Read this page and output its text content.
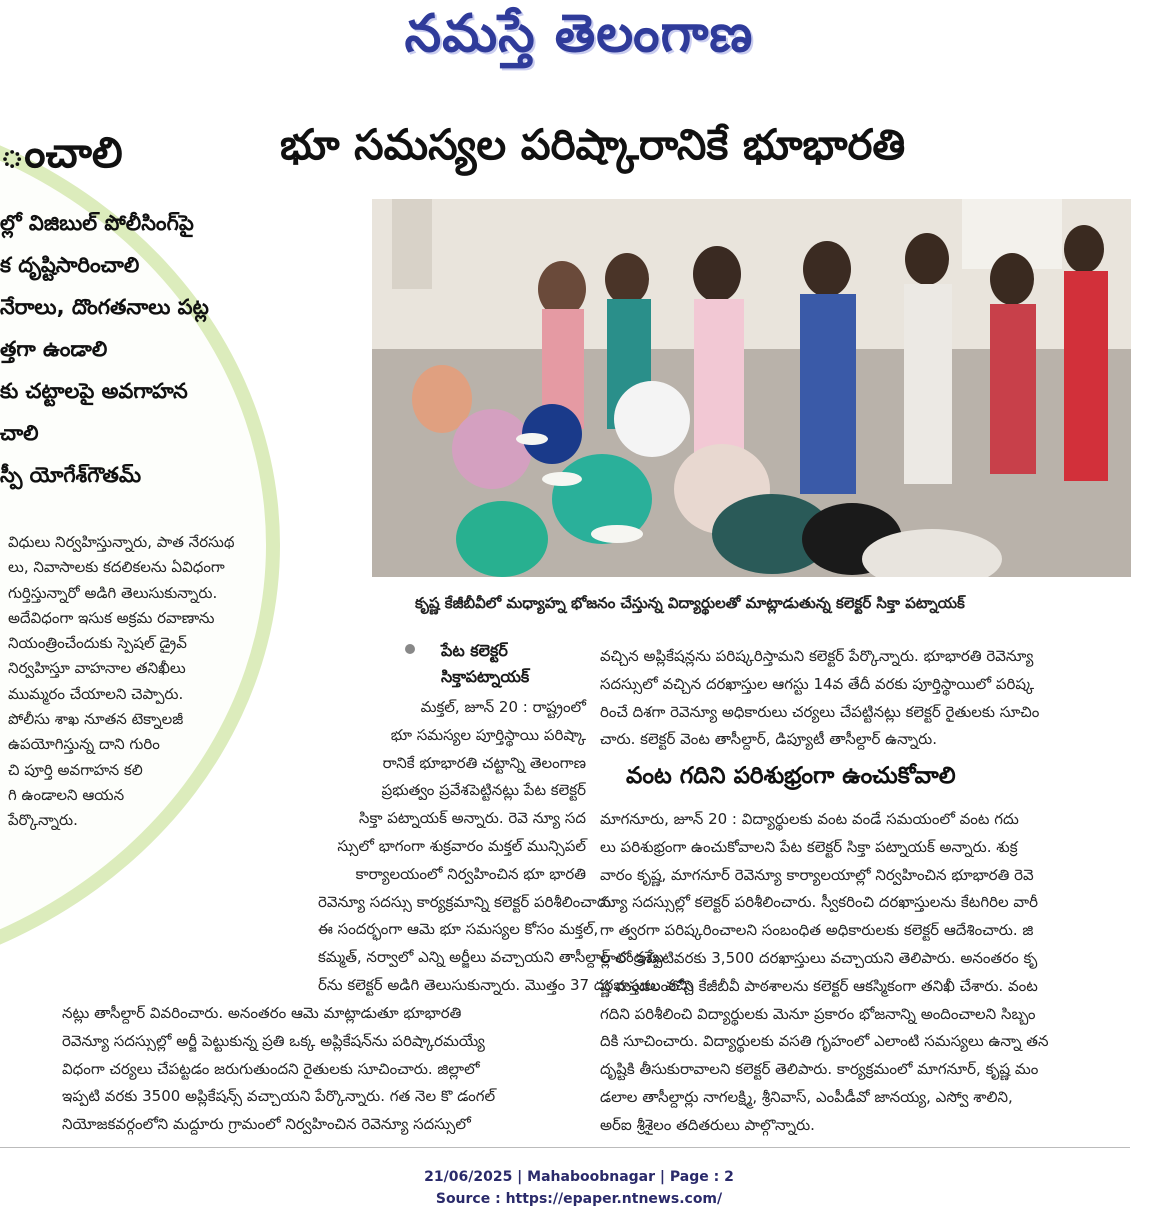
నమస్తే తెలంగాణ
ంచాలి
ల్లో విజిబుల్ పోలీసింగ్‌పై
క దృష్టిసారించాలి
నేరాలు, దొంగతనాలు పట్ల
త్తగా ఉండాలి
కు చట్టాలపై అవగాహన
చాలి
స్పీ యోగేశ్‌గౌతమ్
విధులు నిర్వహిస్తున్నారు, పాత నేరసుథ
లు, నివాసాలకు కదలికలను ఏవిధంగా
గుర్తిస్తున్నారో అడిగి తెలుసుకున్నారు.
అదేవిధంగా ఇసుక అక్రమ రవాణాను
నియంత్రించేందుకు స్పెషల్ డ్రైవ్
నిర్వహిస్తూ వాహనాల తనిఖీలు
ముమ్మరం చేయాలని చెప్పారు.
పోలీసు శాఖ నూతన టెక్నాలజీ
ఉపయోగిస్తున్న దాని గురిం
చి పూర్తి అవగాహన కలి
గి ఉండాలని ఆయన
పేర్కొన్నారు.
భూ సమస్యల పరిష్కారానికే భూభారతి
కృష్ణ కేజీబీవీలో మధ్యాహ్న భోజనం చేస్తున్న విద్యార్థులతో మాట్లాడుతున్న కలెక్టర్ సిక్తా పట్నాయక్
పేట కలెక్టర్
సిక్తాపట్నాయక్
మక్తల్, జూన్ 20 : రాష్ట్రంలో
భూ సమస్యల పూర్తిస్థాయి పరిష్కా
రానికే భూభారతి చట్టాన్ని తెలంగాణ
ప్రభుత్వం ప్రవేశపెట్టినట్లు పేట కలెక్టర్
సిక్తా పట్నాయక్ అన్నారు. రెవె న్యూ సద
స్సులో భాగంగా శుక్రవారం మక్తల్ మున్సిపల్
కార్యాలయంలో నిర్వహించిన భూ భారతి
రెవెన్యూ సదస్సు కార్యక్రమాన్ని కలెక్టర్ పరిశీలించారు.
ఈ సందర్భంగా ఆమె భూ సమస్యల కోసం మక్తల్,
కమ్మత్, నర్వాలో ఎన్ని అర్జీలు వచ్చాయని తాసీల్దార్ చంద్రశేఖ
ర్‌ను కలెక్టర్ అడిగి తెలుసుకున్నారు. మొత్తం 37 దరఖాస్తులు వచ్చి
నట్లు తాసీల్దార్ వివరించారు. అనంతరం ఆమె మాట్లాడుతూ భూభారతి
రెవెన్యూ సదస్సుల్లో అర్జీ పెట్టుకున్న ప్రతి ఒక్క అప్లికేషన్‌ను పరిష్కారమయ్యే
విధంగా చర్యలు చేపట్టడం జరుగుతుందని రైతులకు సూచించారు. జిల్లాలో
ఇప్పటి వరకు 3500 అప్లికేషన్స్ వచ్చాయని పేర్కొన్నారు. గత నెల కొ డంగల్
నియోజకవర్గంలోని మద్దూరు గ్రామంలో నిర్వహించిన రెవెన్యూ సదస్సులో
వచ్చిన అప్లికేషన్లను పరిష్కరిస్తామని కలెక్టర్ పేర్కొన్నారు. భూభారతి రెవెన్యూ
సదస్సులో వచ్చిన దరఖాస్తుల ఆగస్టు 14వ తేదీ వరకు పూర్తిస్థాయిలో పరిష్క
రించే దిశగా రెవెన్యూ అధికారులు చర్యలు చేపట్టినట్లు కలెక్టర్ రైతులకు సూచిం
చారు. కలెక్టర్ వెంట తాసీల్దార్, డిప్యూటీ తాసీల్దార్ ఉన్నారు.
వంట గదిని పరిశుభ్రంగా ఉంచుకోవాలి
మాగనూరు, జూన్ 20 : విద్యార్థులకు వంట వండే సమయంలో వంట గదు
లు పరిశుభ్రంగా ఉంచుకోవాలని పేట కలెక్టర్ సిక్తా పట్నాయక్ అన్నారు. శుక్ర
వారం కృష్ణ, మాగనూర్ రెవెన్యూ కార్యాలయాల్లో నిర్వహించిన భూభారతి రెవె
న్యూ సదస్సుల్లో కలెక్టర్ పరిశీలించారు. స్వీకరించి దరఖాస్తులను కేటగిరిల వారీ
గా త్వరగా పరిష్కరించాలని సంబంధిత అధికారులకు కలెక్టర్ ఆదేశించారు. జి
ల్లాలో ఇప్పటివరకు 3,500 దరఖాస్తులు వచ్చాయని తెలిపారు. అనంతరం కృ
ష్ణ మండలంలోని కేజీబీవీ పాఠశాలను కలెక్టర్ ఆకస్మికంగా తనిఖీ చేశారు. వంట
గదిని పరిశీలించి విద్యార్థులకు మెనూ ప్రకారం భోజనాన్ని అందించాలని సిబ్బం
దికి సూచించారు. విద్యార్థులకు వసతి గృహంలో ఎలాంటి సమస్యలు ఉన్నా తన
దృష్టికి తీసుకురావాలని కలెక్టర్ తెలిపారు. కార్యక్రమంలో మాగనూర్, కృష్ణ మం
డలాల తాసీల్దార్లు నాగలక్ష్మి, శ్రీనివాస్, ఎంపీడీవో జానయ్య, ఎస్వో శాలిని,
అర్ఐ శ్రీశైలం తదితరులు పాల్గొన్నారు.
21/06/2025 | Mahaboobnagar | Page : 2
Source : https://epaper.ntnews.com/
